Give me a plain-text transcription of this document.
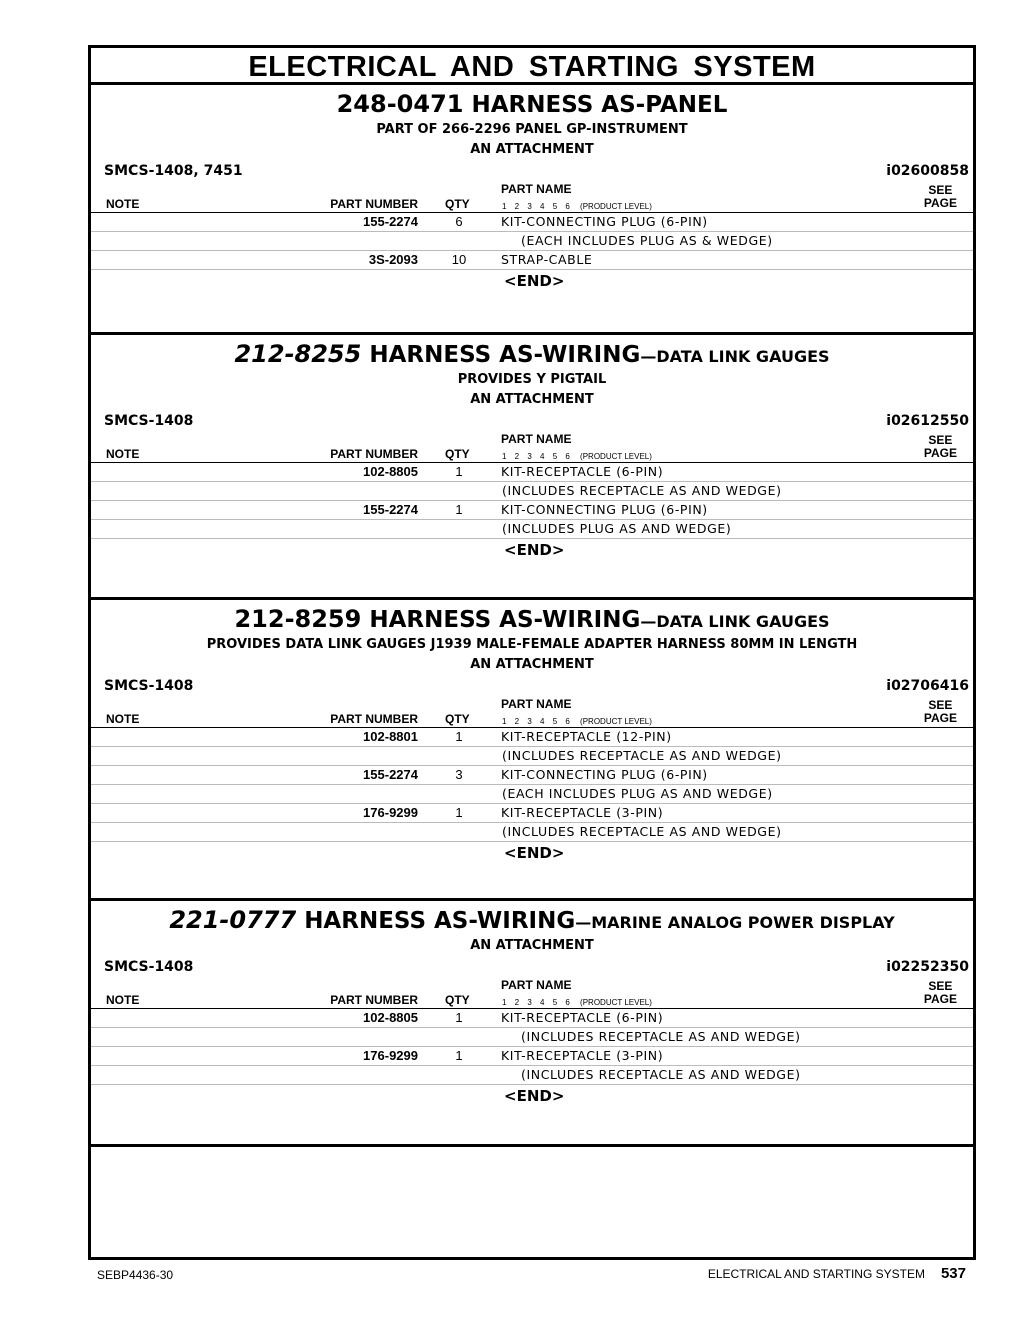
ELECTRICAL AND STARTING SYSTEM
248-0471 HARNESS AS-PANEL
PART OF 266-2296 PANEL GP-INSTRUMENT
AN ATTACHMENT
SMCS-1408, 7451	i02600858
NOTE	PART NUMBER QTY
PART NAME
1 2 3 4 5 6 (PRODUCT LEVEL)
SEE
PAGE
155-2274	6	KIT-CONNECTING PLUG (6-PIN)
(EACH INCLUDES PLUG AS & WEDGE)
3S-2093	10	STRAP-CABLE
<END>
212-8255 HARNESS AS-WIRING—DATA LINK GAUGES
PROVIDES Y PIGTAIL
AN ATTACHMENT
SMCS-1408	i02612550
NOTE	PART NUMBER QTY
PART NAME
1 2 3 4 5 6 (PRODUCT LEVEL)
SEE
PAGE
102-8805	1	KIT-RECEPTACLE (6-PIN)
(INCLUDES RECEPTACLE AS AND WEDGE)
155-2274	1	KIT-CONNECTING PLUG (6-PIN)
(INCLUDES PLUG AS AND WEDGE)
<END>
212-8259 HARNESS AS-WIRING—DATA LINK GAUGES
PROVIDES DATA LINK GAUGES J1939 MALE-FEMALE ADAPTER HARNESS 80MM IN LENGTH
AN ATTACHMENT
SMCS-1408	i02706416
NOTE	PART NUMBER QTY
PART NAME
1 2 3 4 5 6 (PRODUCT LEVEL)
SEE
PAGE
102-8801	1	KIT-RECEPTACLE (12-PIN)
(INCLUDES RECEPTACLE AS AND WEDGE)
155-2274	3	KIT-CONNECTING PLUG (6-PIN)
(EACH INCLUDES PLUG AS AND WEDGE)
176-9299	1	KIT-RECEPTACLE (3-PIN)
(INCLUDES RECEPTACLE AS AND WEDGE)
<END>
221-0777 HARNESS AS-WIRING—MARINE ANALOG POWER DISPLAY
AN ATTACHMENT
SMCS-1408	i02252350
NOTE	PART NUMBER QTY
PART NAME
1 2 3 4 5 6 (PRODUCT LEVEL)
SEE
PAGE
102-8805	1	KIT-RECEPTACLE (6-PIN)
(INCLUDES RECEPTACLE AS AND WEDGE)
176-9299	1	KIT-RECEPTACLE (3-PIN)
(INCLUDES RECEPTACLE AS AND WEDGE)
<END>
SEBP4436-30	ELECTRICAL AND STARTING SYSTEM 537
